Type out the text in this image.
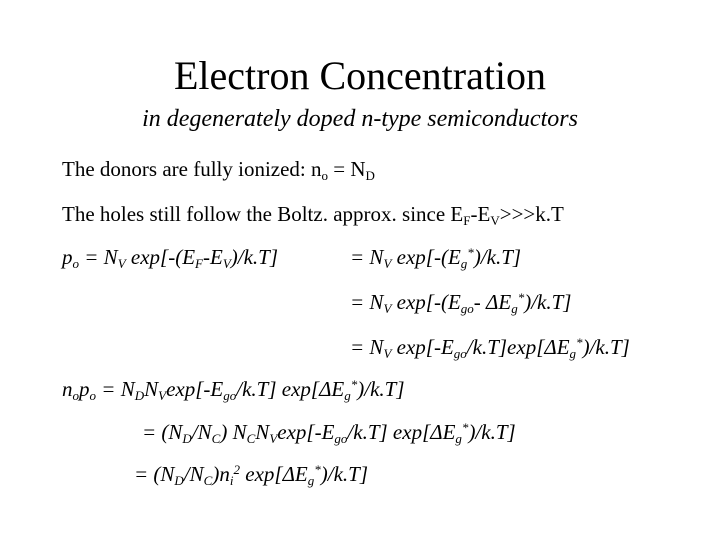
Electron Concentration
in degenerately doped n-type semiconductors
The donors are fully ionized: $n_o = N_D$
The holes still follow the Boltz. approx. since $E_F-E_V>>>k.T$
$p_o = N_V$ $\exp[-(E_F-E_V)/k.T]$	= $N_V$ $\exp[-(E_g^*)/k.T]$
= $N_V$ $\exp[-(E_{go}-$ $\Delta E_g^*)/k.T$]
= $N_V$ $\exp[-E_{go}/k.T]\exp[\Delta E_g^*)/k.T$]
$n_op_o = N_DN_V\exp[-E_{go}/k.T]$ $\exp[\Delta E_g^*)/k.T$]
= $(N_D/N_C)$ $N_CN_V\exp[-E_{go}/k.T]$ $\exp[\Delta E_g^*)/k.T$]
= $(N_D/N_C)n_i^2$ $\exp[\Delta E_g^*)/k.T$]
